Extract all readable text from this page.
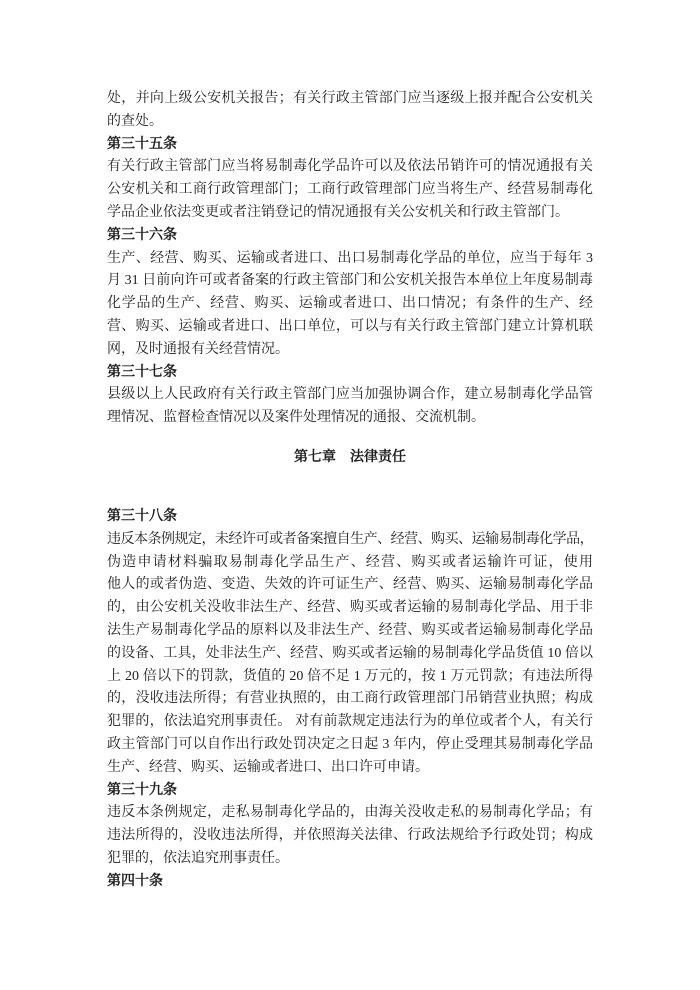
处，并向上级公安机关报告；有关行政主管部门应当逐级上报并配合公安机关
的查处。
第三十五条
有关行政主管部门应当将易制毒化学品许可以及依法吊销许可的情况通报有关
公安机关和工商行政管理部门；工商行政管理部门应当将生产、经营易制毒化
学品企业依法变更或者注销登记的情况通报有关公安机关和行政主管部门。
第三十六条
生产、经营、购买、运输或者进口、出口易制毒化学品的单位，应当于每年 3
月 31 日前向许可或者备案的行政主管部门和公安机关报告本单位上年度易制毒
化学品的生产、经营、购买、运输或者进口、出口情况；有条件的生产、经
营、购买、运输或者进口、出口单位，可以与有关行政主管部门建立计算机联
网，及时通报有关经营情况。
第三十七条
县级以上人民政府有关行政主管部门应当加强协调合作，建立易制毒化学品管
理情况、监督检查情况以及案件处理情况的通报、交流机制。
第七章　法律责任
第三十八条
违反本条例规定，未经许可或者备案擅自生产、经营、购买、运输易制毒化学品，
伪造申请材料骗取易制毒化学品生产、经营、购买或者运输许可证，使用
他人的或者伪造、变造、失效的许可证生产、经营、购买、运输易制毒化学品
的，由公安机关没收非法生产、经营、购买或者运输的易制毒化学品、用于非
法生产易制毒化学品的原料以及非法生产、经营、购买或者运输易制毒化学品
的设备、工具，处非法生产、经营、购买或者运输的易制毒化学品货值 10 倍以
上 20 倍以下的罚款，货值的 20 倍不足 1 万元的，按 1 万元罚款；有违法所得
的，没收违法所得；有营业执照的，由工商行政管理部门吊销营业执照；构成
犯罪的，依法追究刑事责任。 对有前款规定违法行为的单位或者个人，有关行
政主管部门可以自作出行政处罚决定之日起 3 年内，停止受理其易制毒化学品
生产、经营、购买、运输或者进口、出口许可申请。
第三十九条
违反本条例规定，走私易制毒化学品的，由海关没收走私的易制毒化学品；有
违法所得的，没收违法所得，并依照海关法律、行政法规给予行政处罚；构成
犯罪的，依法追究刑事责任。
第四十条
